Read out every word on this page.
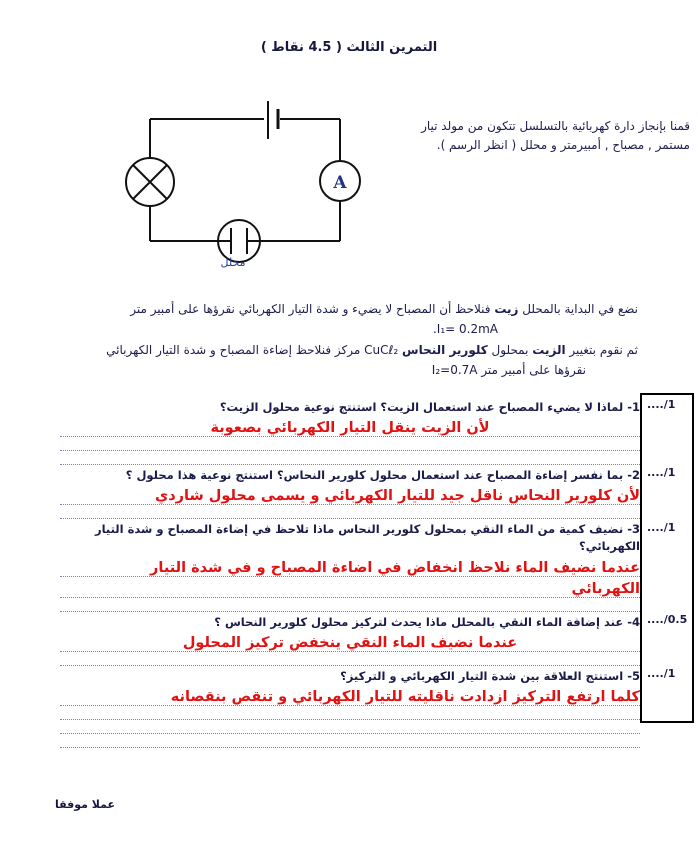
التمرين الثالث ( 4.5 نقاط )
قمنا بإنجاز دارة كهربائية بالتسلسل تتكون من مولد تيار مستمر , مصباح , أمبيرمتر و محلل ( انظر الرسم ).
A
محلل
نضع في البداية بالمحلل زيت فنلاحظ أن المصباح لا يضيء و شدة التيار الكهربائي نقرؤها على أمبير متر
I₁= 0.2mA.
ثم نقوم بتغيير الزيت بمحلول كلورير النحاس CuCℓ₂ مركز فنلاحظ إضاءة المصباح و شدة التيار الكهربائي
نقرؤها على أمبير متر I₂=0.7A
1- لماذا لا يضيء المصباح عند استعمال الزيت؟ استنتج نوعية محلول الزيت؟
لأن الزيت ينقل التيار الكهربائي بصعوبة
2- بما نفسر إضاءة المصباح عند استعمال محلول كلورير النحاس؟ استنتج نوعية هذا محلول ؟
لأن كلورير النحاس ناقل جيد للتيار الكهربائي و يسمى محلول شاردي
3- نضيف كمية من الماء النقي بمحلول كلورير النحاس ماذا تلاحظ في إضاءة المصباح و شدة التيار الكهربائي؟
عندما نضيف الماء نلاحظ انخفاض في اضاءة المصباح و في شدة التيار
الكهربائي
4- عند إضافة الماء النقي بالمحلل ماذا يحدث لتركيز محلول كلورير النحاس ؟
عندما نضيف الماء النقي ينخفض تركيز المحلول
5- استنتج العلاقة بين شدة التيار الكهربائي و التركيز؟
كلما ارتفع التركيز ازدادت ناقليته للتيار الكهربائي و تنقص بنقصانه
..../1
..../1
..../1
..../0.5
..../1
عملا موفقا
